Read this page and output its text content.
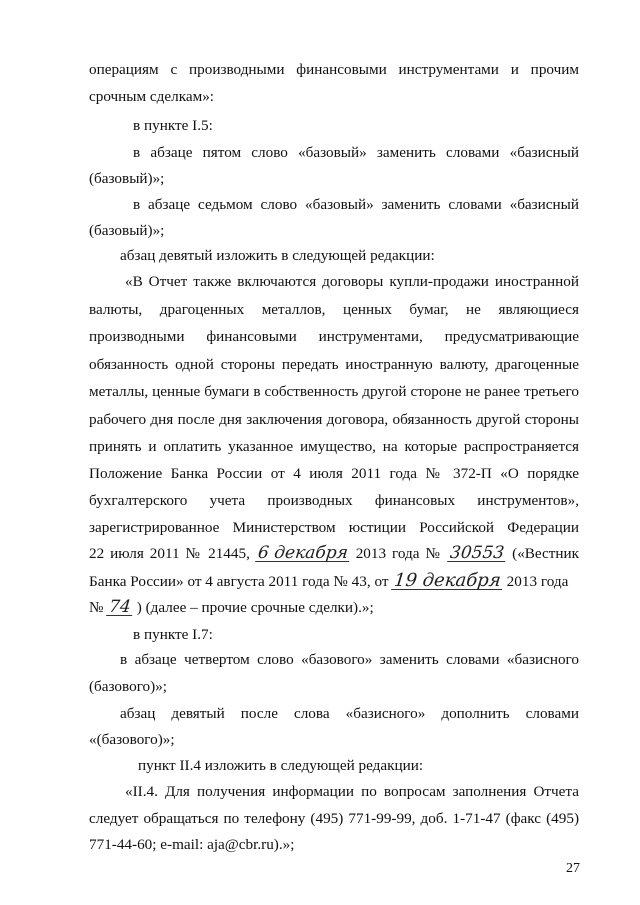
операциям с производными финансовыми инструментами и прочим
срочным сделкам»:
в пункте I.5:
в абзаце пятом слово «базовый» заменить словами «базисный
(базовый)»;
в абзаце седьмом слово «базовый» заменить словами «базисный
(базовый)»;
абзац девятый изложить в следующей редакции:
«В Отчет также включаются договоры купли-продажи иностранной
валюты, драгоценных металлов, ценных бумаг, не являющиеся
производными финансовыми инструментами, предусматривающие
обязанность одной стороны передать иностранную валюту, драгоценные
металлы, ценные бумаги в собственность другой стороне не ранее третьего
рабочего дня после дня заключения договора, обязанность другой стороны
принять и оплатить указанное имущество, на которые распространяется
Положение Банка России от 4 июля 2011 года № 372-П «О порядке
бухгалтерского учета производных финансовых инструментов»,
зарегистрированное Министерством юстиции Российской Федерации
22 июля 2011 № 21445, 6 декабря 2013 года № 30553 («Вестник
Банка России» от 4 августа 2011 года № 43, от 19 декабря 2013 года
№ 74 ) (далее – прочие срочные сделки).»;
в пункте I.7:
в абзаце четвертом слово «базового» заменить словами «базисного
(базового)»;
абзац девятый после слова «базисного» дополнить словами
«(базового)»;
пункт II.4 изложить в следующей редакции:
«II.4. Для получения информации по вопросам заполнения Отчета
следует обращаться по телефону (495) 771-99-99, доб. 1-71-47 (факс (495)
771-44-60; e-mail: aja@cbr.ru).»;
27
